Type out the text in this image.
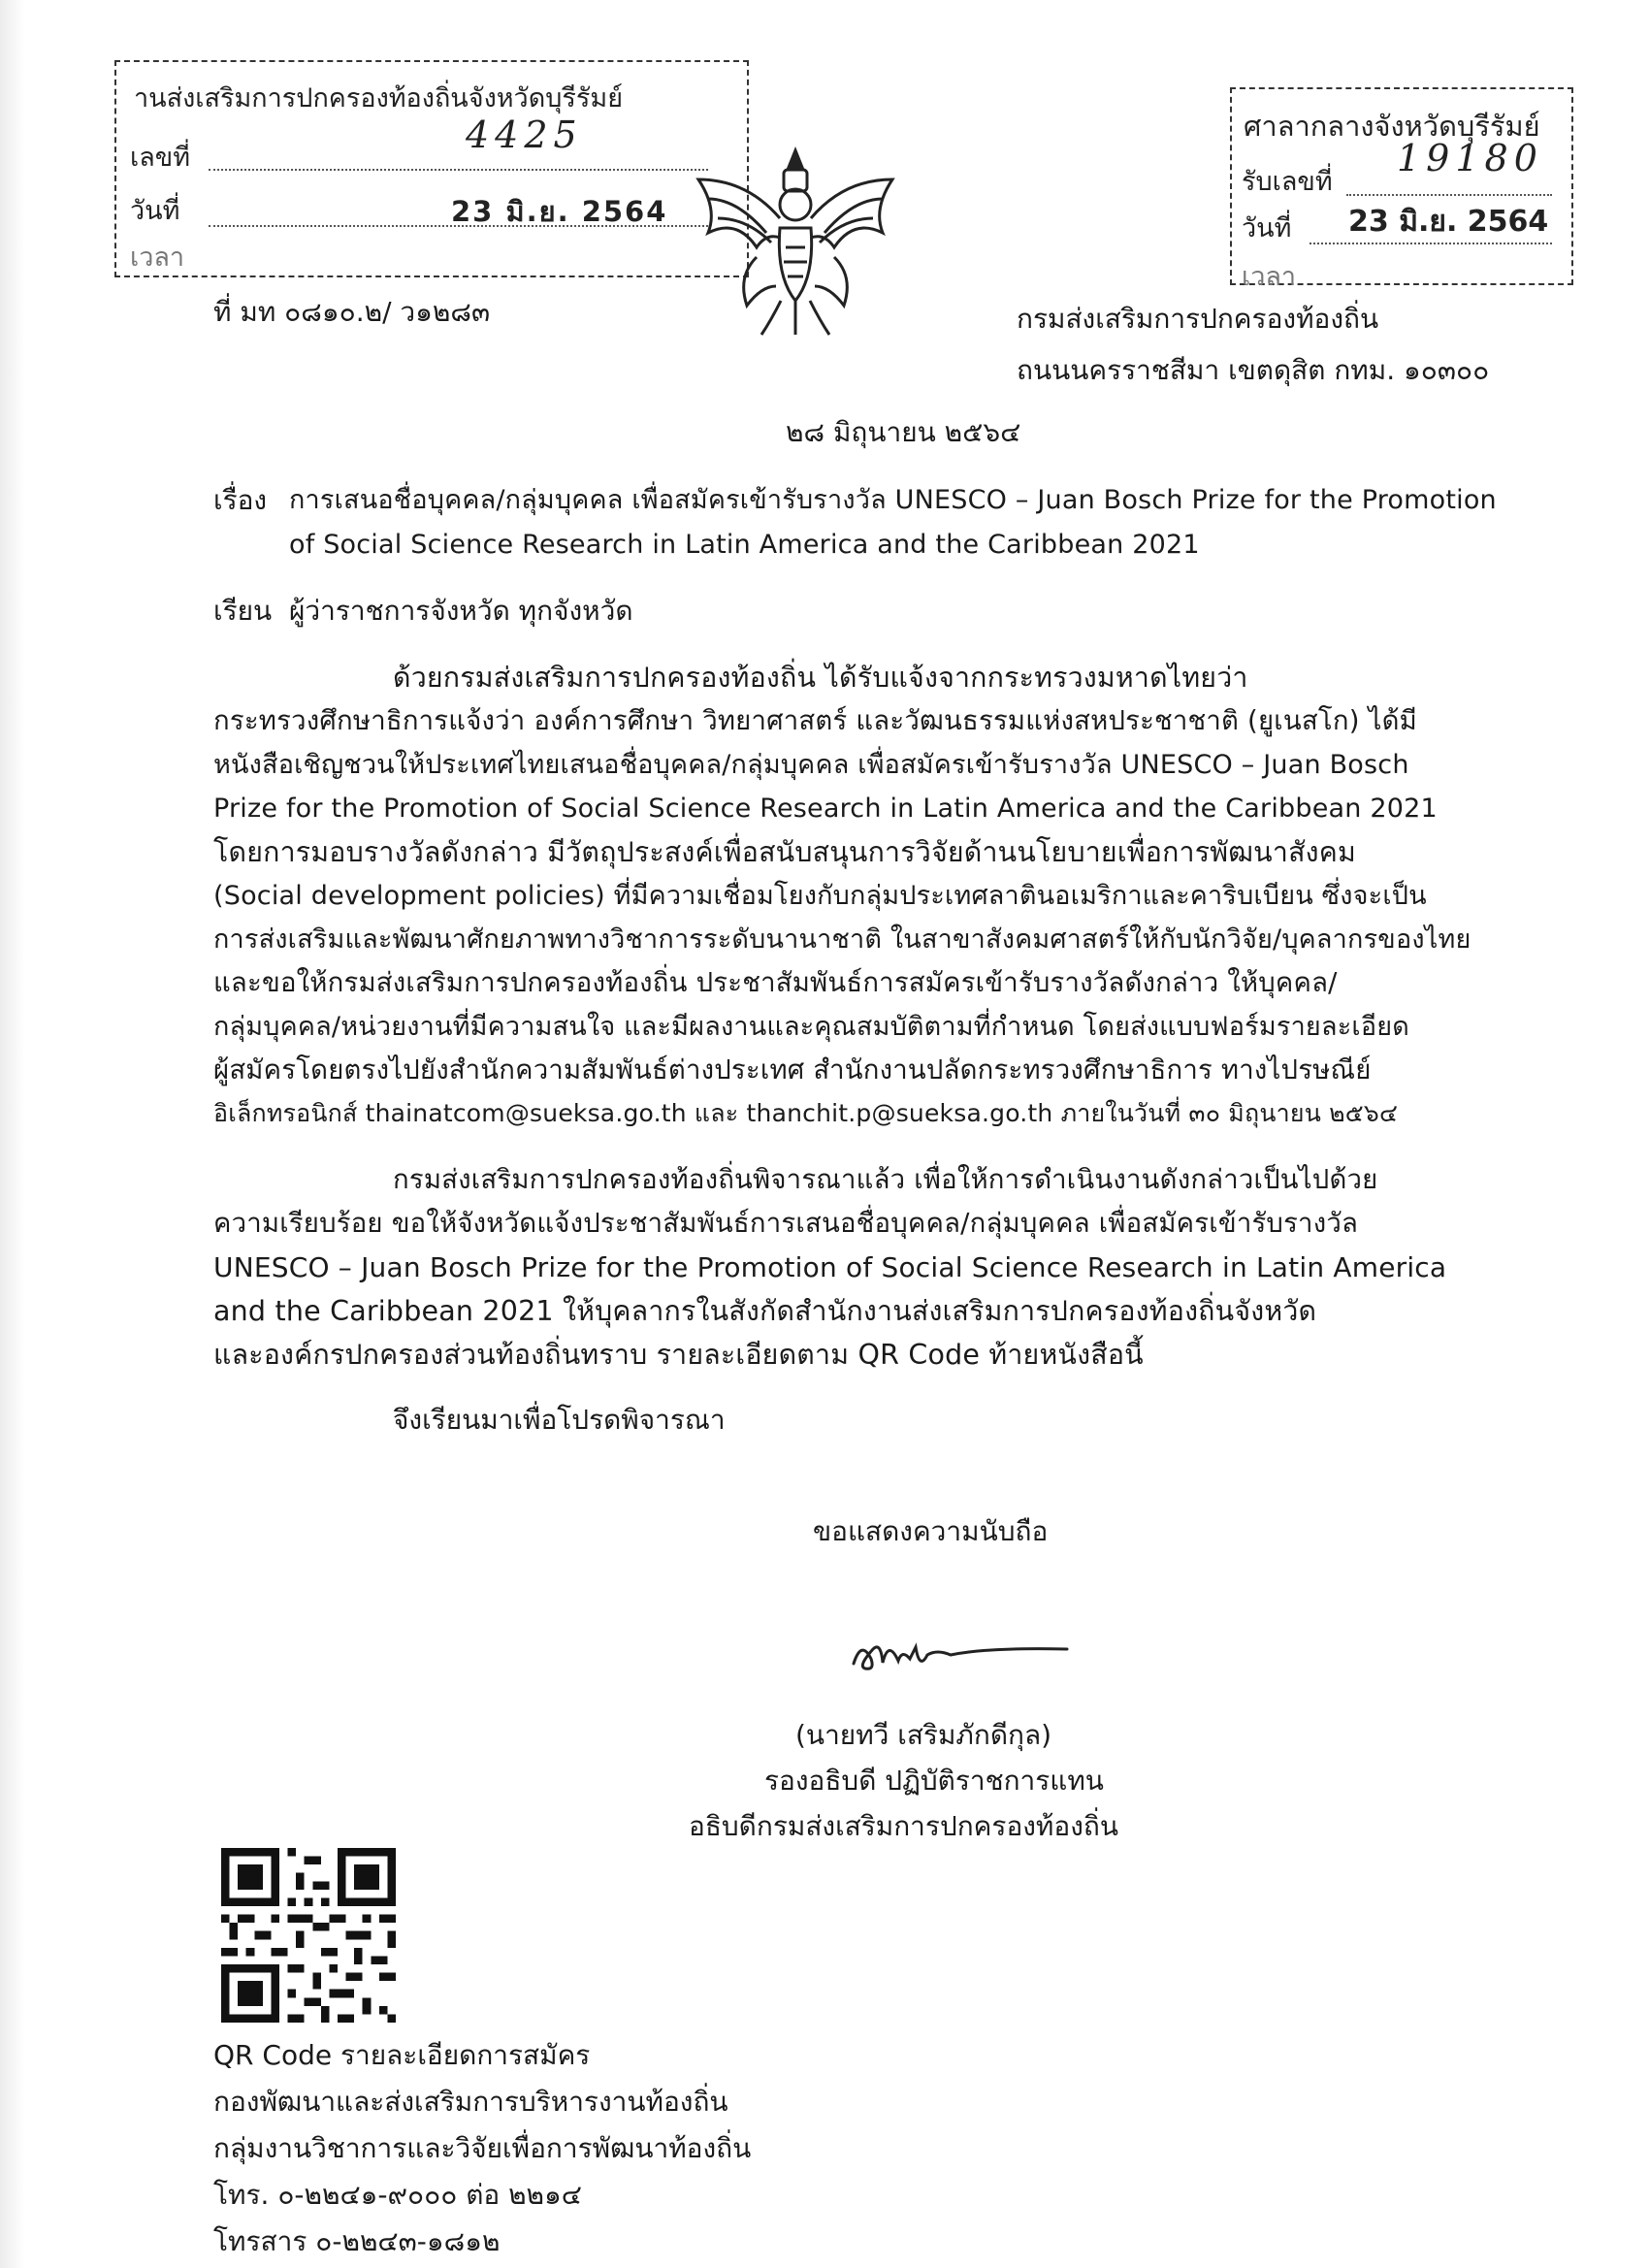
านส่งเสริมการปกครองท้องถิ่นจังหวัดบุรีรัมย์
เลขที่
4425
วันที่	23 มิ.ย. 2564
เวลา
ศาลากลางจังหวัดบุรีรัมย์
รับเลขที่
19180
วันที่ 23 มิ.ย. 2564
เวลา
ที่ มท ๐๘๑๐.๒/ ว๑๒๘๓	กรมส่งเสริมการปกครองท้องถิ่น
ถนนนครราชสีมา เขตดุสิต กทม. ๑๐๓๐๐
๒๘ มิถุนายน ๒๕๖๔
เรื่อง การเสนอชื่อบุคคล/กลุ่มบุคคล เพื่อสมัครเข้ารับรางวัล UNESCO – Juan Bosch Prize for the Promotion
of Social Science Research in Latin America and the Caribbean 2021
เรียน ผู้ว่าราชการจังหวัด ทุกจังหวัด
ด้วยกรมส่งเสริมการปกครองท้องถิ่น ได้รับแจ้งจากกระทรวงมหาดไทยว่า
กระทรวงศึกษาธิการแจ้งว่า องค์การศึกษา วิทยาศาสตร์ และวัฒนธรรมแห่งสหประชาชาติ (ยูเนสโก) ได้มี
หนังสือเชิญชวนให้ประเทศไทยเสนอชื่อบุคคล/กลุ่มบุคคล เพื่อสมัครเข้ารับรางวัล UNESCO – Juan Bosch
Prize for the Promotion of Social Science Research in Latin America and the Caribbean 2021
โดยการมอบรางวัลดังกล่าว มีวัตถุประสงค์เพื่อสนับสนุนการวิจัยด้านนโยบายเพื่อการพัฒนาสังคม
(Social development policies) ที่มีความเชื่อมโยงกับกลุ่มประเทศลาตินอเมริกาและคาริบเบียน ซึ่งจะเป็น
การส่งเสริมและพัฒนาศักยภาพทางวิชาการระดับนานาชาติ ในสาขาสังคมศาสตร์ให้กับนักวิจัย/บุคลากรของไทย
และขอให้กรมส่งเสริมการปกครองท้องถิ่น ประชาสัมพันธ์การสมัครเข้ารับรางวัลดังกล่าว ให้บุคคล/
กลุ่มบุคคล/หน่วยงานที่มีความสนใจ และมีผลงานและคุณสมบัติตามที่กำหนด โดยส่งแบบฟอร์มรายละเอียด
ผู้สมัครโดยตรงไปยังสำนักความสัมพันธ์ต่างประเทศ สำนักงานปลัดกระทรวงศึกษาธิการ ทางไปรษณีย์
อิเล็กทรอนิกส์ thainatcom@sueksa.go.th และ thanchit.p@sueksa.go.th ภายในวันที่ ๓๐ มิถุนายน ๒๕๖๔
กรมส่งเสริมการปกครองท้องถิ่นพิจารณาแล้ว เพื่อให้การดำเนินงานดังกล่าวเป็นไปด้วย
ความเรียบร้อย ขอให้จังหวัดแจ้งประชาสัมพันธ์การเสนอชื่อบุคคล/กลุ่มบุคคล เพื่อสมัครเข้ารับรางวัล
UNESCO – Juan Bosch Prize for the Promotion of Social Science Research in Latin America
and the Caribbean 2021 ให้บุคลากรในสังกัดสำนักงานส่งเสริมการปกครองท้องถิ่นจังหวัด
และองค์กรปกครองส่วนท้องถิ่นทราบ รายละเอียดตาม QR Code ท้ายหนังสือนี้
จึงเรียนมาเพื่อโปรดพิจารณา
ขอแสดงความนับถือ
(นายทวี เสริมภักดีกุล)
รองอธิบดี ปฏิบัติราชการแทน
อธิบดีกรมส่งเสริมการปกครองท้องถิ่น
QR Code รายละเอียดการสมัคร
กองพัฒนาและส่งเสริมการบริหารงานท้องถิ่น
กลุ่มงานวิชาการและวิจัยเพื่อการพัฒนาท้องถิ่น
โทร. ๐-๒๒๔๑-๙๐๐๐ ต่อ ๒๒๑๔
โทรสาร ๐-๒๒๔๓-๑๘๑๒
